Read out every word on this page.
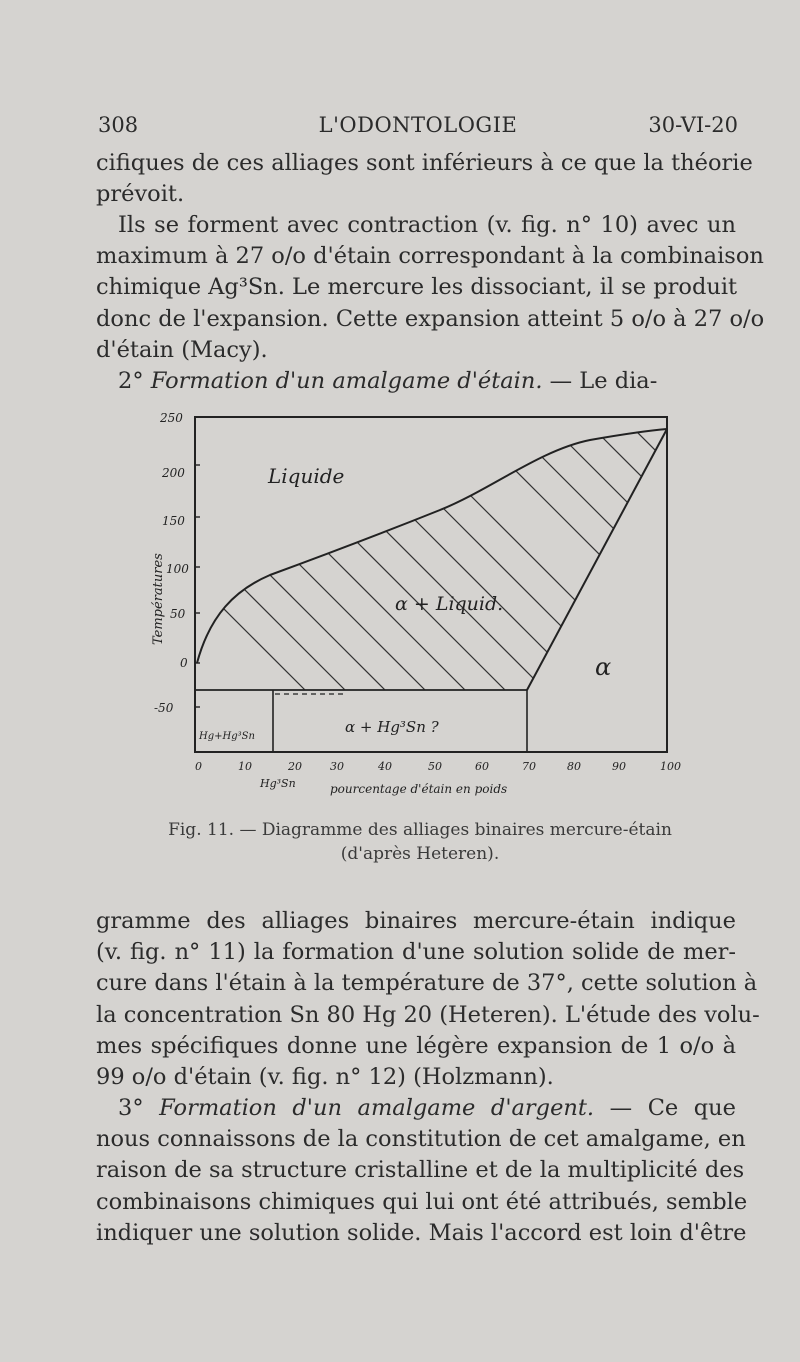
308	L'ODONTOLOGIE	30-VI-20
cifiques de ces alliages sont inférieurs à ce que la théorie
prévoit.
Ils se forment avec contraction (v. fig. n° 10) avec un
maximum à 27 o/o d'étain correspondant à la combinaison
chimique Ag³Sn. Le mercure les dissociant, il se produit
donc de l'expansion. Cette expansion atteint 5 o/o à 27 o/o
d'étain (Macy).
2° Formation d'un amalgame d'étain. — Le dia-
250
200
150
100
50
0
-50
Températures
0	10	20	30	40	50	60	70	80	90	100
Hg³Sn	pourcentage d'étain en poids
Liquide
α + Liquid.
α
α + Hg³Sn ?
Hg+Hg³Sn
Fig. 11. — Diagramme des alliages binaires mercure-étain
(d'après Heteren).
gramme des alliages binaires mercure-étain indique
(v. fig. n° 11) la formation d'une solution solide de mer-
cure dans l'étain à la température de 37°, cette solution à
la concentration Sn 80 Hg 20 (Heteren). L'étude des volu-
mes spécifiques donne une légère expansion de 1 o/o à
99 o/o d'étain (v. fig. n° 12) (Holzmann).
3° Formation d'un amalgame d'argent. — Ce que
nous connaissons de la constitution de cet amalgame, en
raison de sa structure cristalline et de la multiplicité des
combinaisons chimiques qui lui ont été attribués, semble
indiquer une solution solide. Mais l'accord est loin d'être
